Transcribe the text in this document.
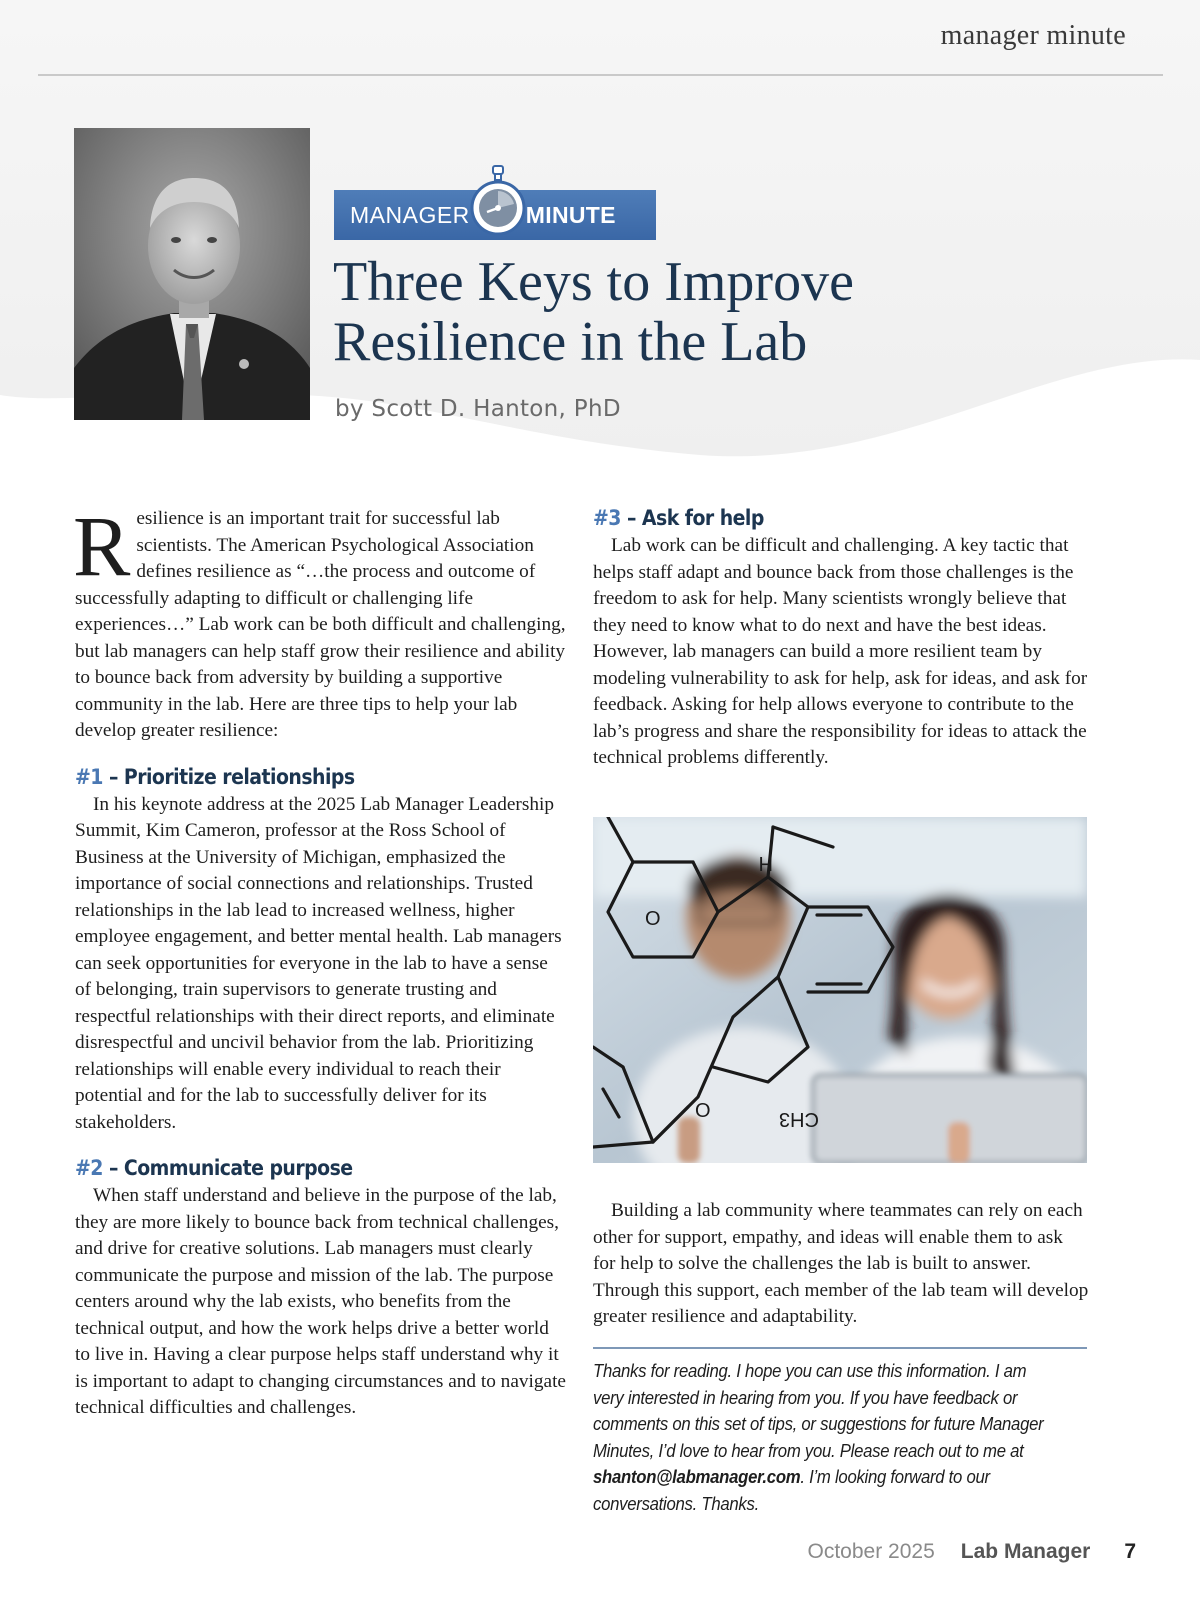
manager minute
MANAGER MINUTE
Three Keys to Improve
Resilience in the Lab
by Scott D. Hanton, PhD

Resilience is an important trait for successful lab scientists. The American Psychological Association defines resilience as “…the process and outcome of successfully adapting to difficult or challenging life experiences…” Lab work can be both difficult and challenging, but lab managers can help staff grow their resilience and ability to bounce back from adversity by building a supportive community in the lab. Here are three tips to help your lab develop greater resilience:

#1 – Prioritize relationships

In his keynote address at the 2025 Lab Manager Leadership Summit, Kim Cameron, professor at the Ross School of Business at the University of Michigan, emphasized the importance of social connections and relationships. Trusted relationships in the lab lead to increased wellness, higher employee engagement, and better mental health. Lab managers can seek opportunities for everyone in the lab to have a sense of belonging, train supervisors to generate trusting and respectful relationships with their direct reports, and eliminate disrespectful and uncivil behavior from the lab. Prioritizing relationships will enable every individual to reach their potential and for the lab to successfully deliver for its stakeholders.

#2 – Communicate purpose

When staff understand and believe in the purpose of the lab, they are more likely to bounce back from technical challenges, and drive for creative solutions. Lab managers must clearly communicate the purpose and mission of the lab. The purpose centers around why the lab exists, who benefits from the technical output, and how the work helps drive a better world to live in. Having a clear purpose helps staff understand why it is important to adapt to changing circumstances and to navigate technical difficulties and challenges.

#3 – Ask for help

Lab work can be difficult and challenging. A key tactic that helps staff adapt and bounce back from those challenges is the freedom to ask for help. Many scientists wrongly believe that they need to know what to do next and have the best ideas. However, lab managers can build a more resilient team by modeling vulnerability to ask for help, ask for ideas, and ask for feedback. Asking for help allows everyone to contribute to the lab’s progress and share the responsibility for ideas to attack the technical problems differently.

O
O	CH3
H

Building a lab community where teammates can rely on each other for support, empathy, and ideas will enable them to ask for help to solve the challenges the lab is built to answer. Through this support, each member of the lab team will develop greater resilience and adaptability.

Thanks for reading. I hope you can use this information. I am very interested in hearing from you. If you have feedback or comments on this set of tips, or suggestions for future Manager Minutes, I’d love to hear from you. Please reach out to me at shanton@labmanager.com. I’m looking forward to our conversations. Thanks.
October 2025 Lab Manager 7
